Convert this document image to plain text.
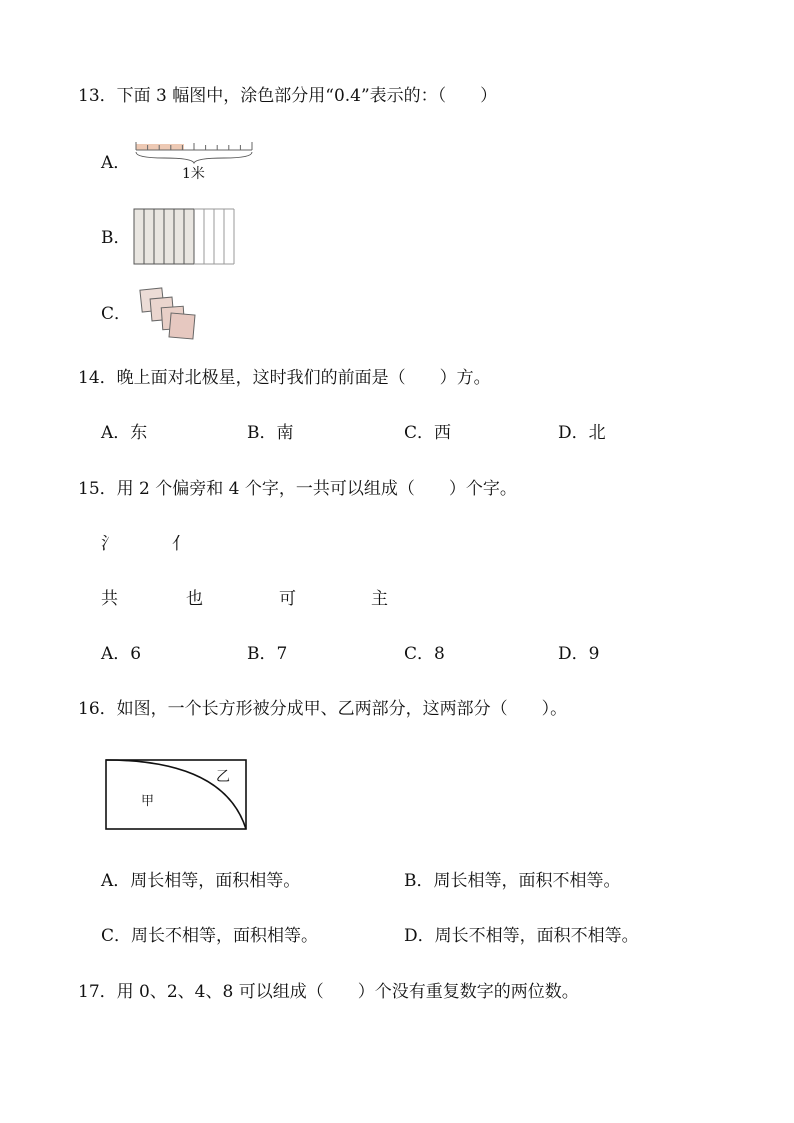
13．下面 3 幅图中，涂色部分用“0.4”表示的：（　　）
A．
1米
B．
C．
14．晚上面对北极星，这时我们的前面是（　　）方。
A．东	B．南	C．西	D．北
15．用 2 个偏旁和 4 个字，一共可以组成（　　）个字。
氵	亻
共	也	可	主
A．6	B．7	C．8	D．9
16．如图，一个长方形被分成甲、乙两部分，这两部分（　　）。
甲
乙
A．周长相等，面积相等。	B．周长相等，面积不相等。
C．周长不相等，面积相等。	D．周长不相等，面积不相等。
17．用 0、2、4、8 可以组成（　　）个没有重复数字的两位数。
